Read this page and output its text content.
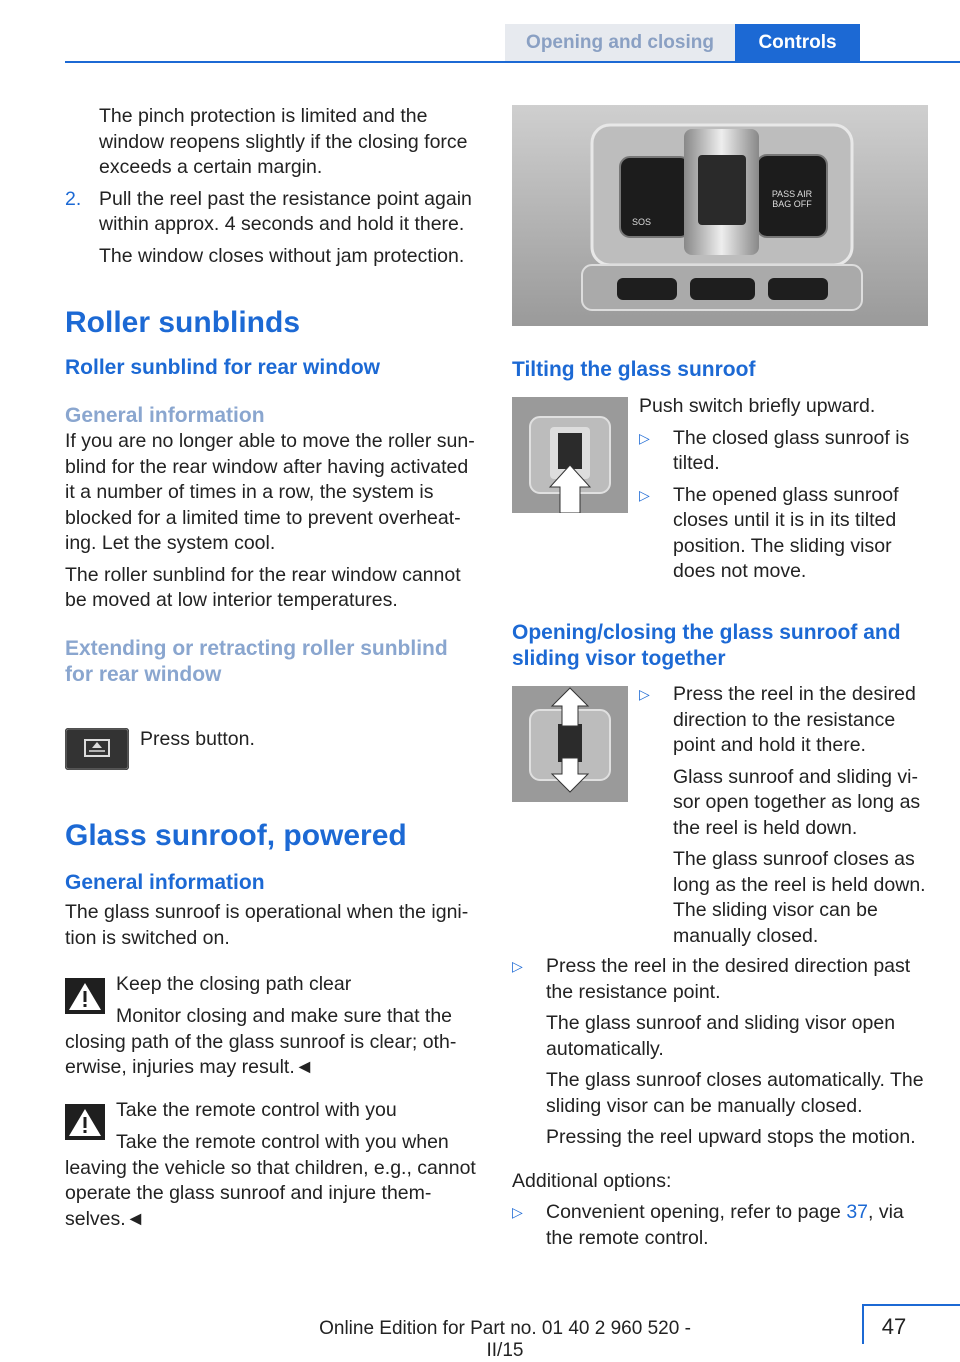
Opening and closing	Controls

The pinch protection is limited and the window reopens slightly if the closing force exceeds a certain margin.

2. Pull the reel past the resistance point again within approx. 4 seconds and hold it there.

The window closes without jam protection.

Roller sunblinds

Roller sunblind for rear window

General information

If you are no longer able to move the roller sunblind for the rear window after having activated it a number of times in a row, the system is blocked for a limited time to prevent overheating. Let the system cool.

The roller sunblind for the rear window cannot be moved at low interior temperatures.

Extending or retracting roller sunblind for rear window

Press button.

Glass sunroof, powered

General information

The glass sunroof is operational when the ignition is switched on.

Keep the closing path clear

Monitor closing and make sure that the closing path of the glass sunroof is clear; otherwise, injuries may result.◄

Take the remote control with you

Take the remote control with you when leaving the vehicle so that children, e.g., cannot operate the glass sunroof and injure themselves.◄

SOS
PASS AIR BAG OFF

Tilting the glass sunroof

Push switch briefly upward.

▷ The closed glass sunroof is tilted.
▷ The opened glass sunroof closes until it is in its tilted position. The sliding visor does not move.

Opening/closing the glass sunroof and sliding visor together

▷ Press the reel in the desired direction to the resistance point and hold it there.

Glass sunroof and sliding visor open together as long as the reel is held down.

The glass sunroof closes as long as the reel is held down. The sliding visor can be manually closed.

▷ Press the reel in the desired direction past the resistance point.

The glass sunroof and sliding visor open automatically.

The glass sunroof closes automatically. The sliding visor can be manually closed.

Pressing the reel upward stops the motion.

Additional options:

▷ Convenient opening, refer to page 37, via the remote control.
47
Online Edition for Part no. 01 40 2 960 520 - II/15
